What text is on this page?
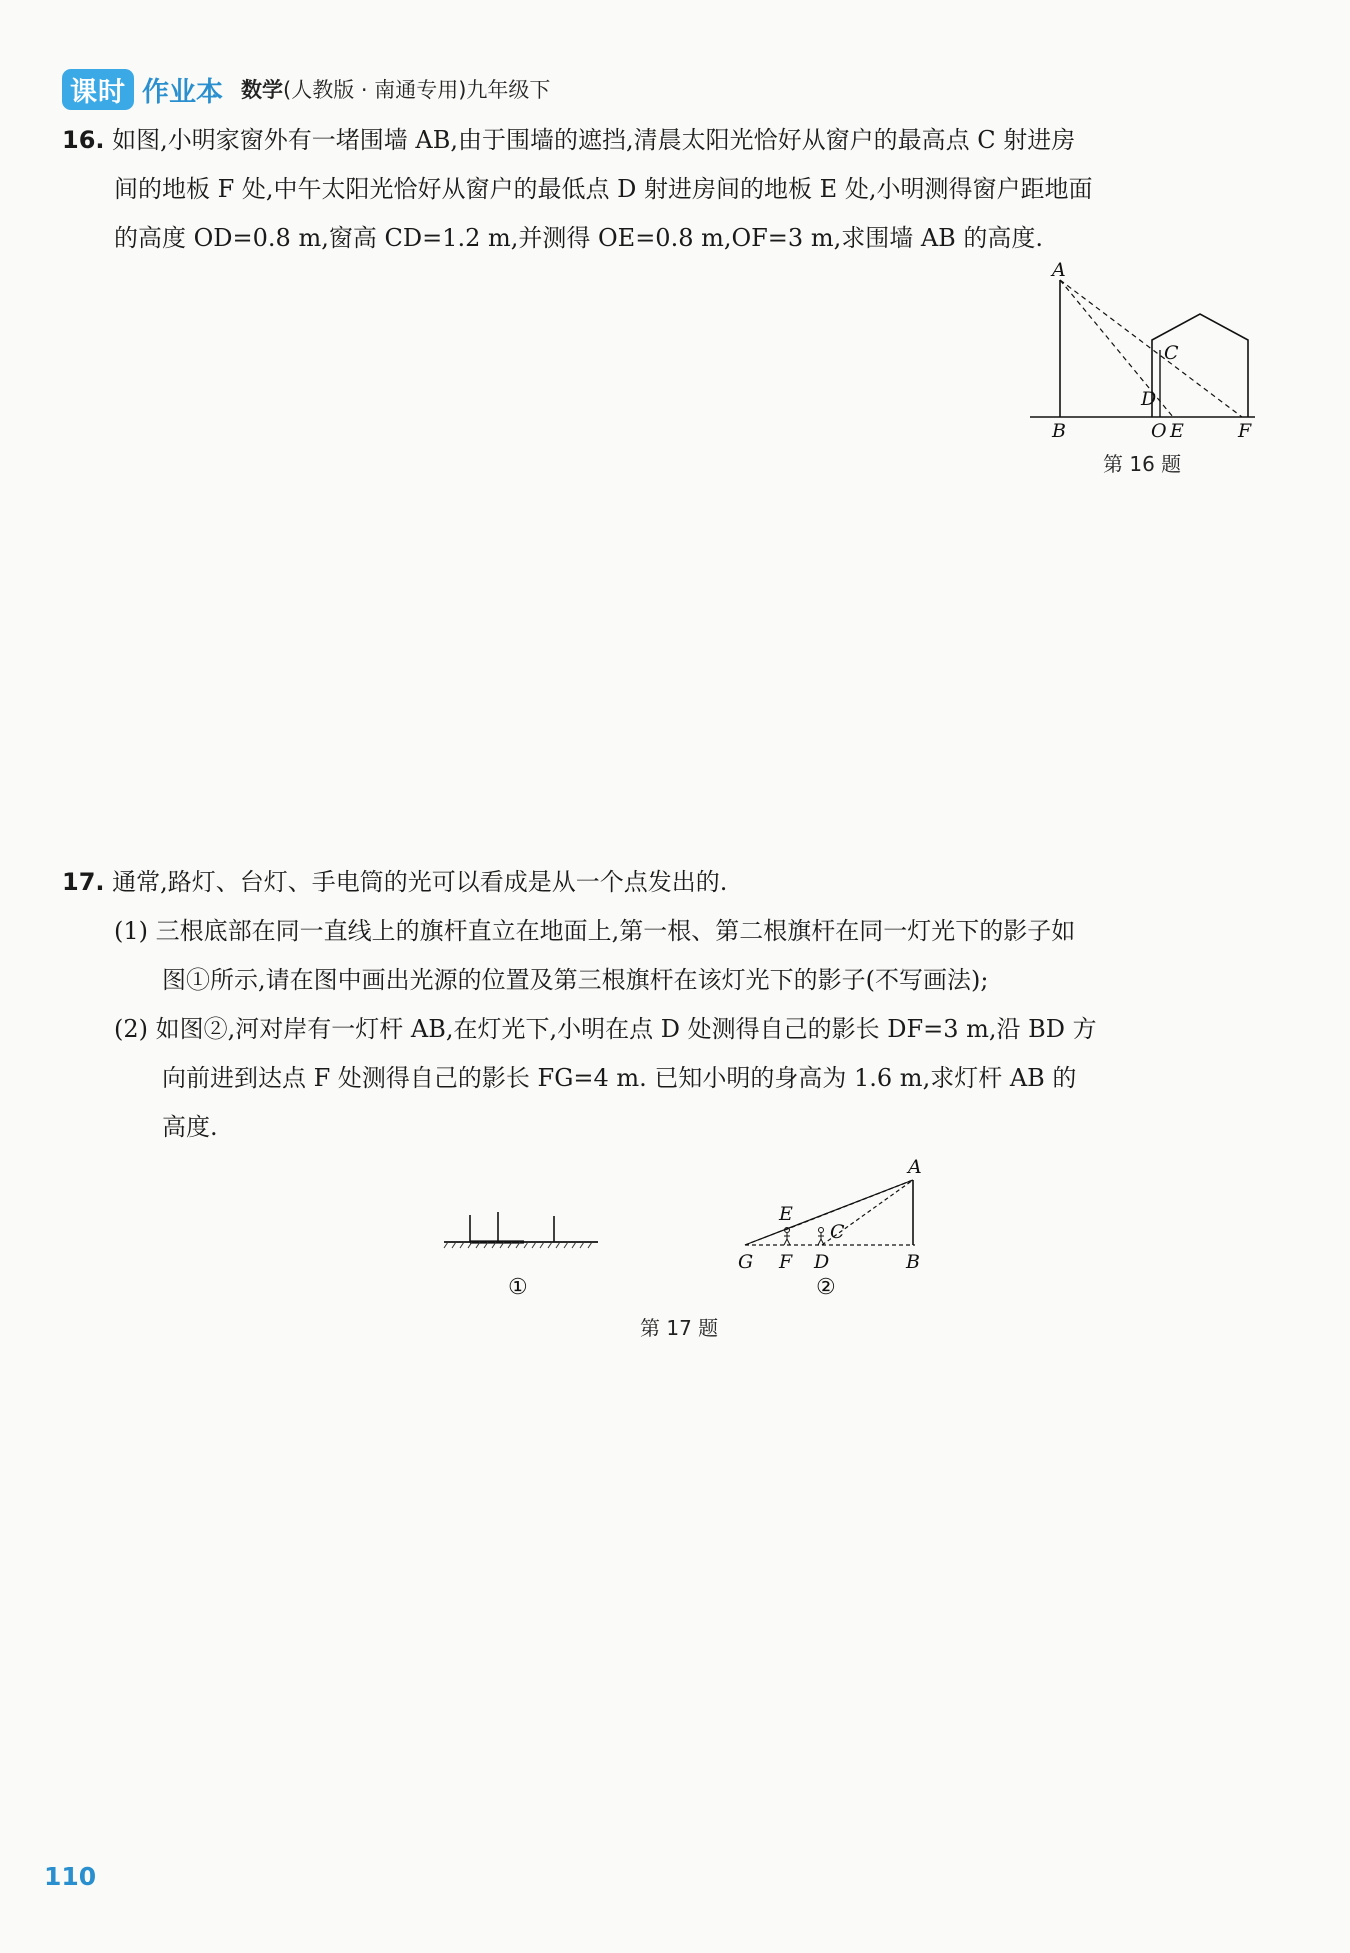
课时 作业本 数学(人教版 · 南通专用)九年级下
16. 如图,小明家窗外有一堵围墙 AB,由于围墙的遮挡,清晨太阳光恰好从窗户的最高点 C 射进房
间的地板 F 处,中午太阳光恰好从窗户的最低点 D 射进房间的地板 E 处,小明测得窗户距地面
的高度 OD=0.8 m,窗高 CD=1.2 m,并测得 OE=0.8 m,OF=3 m,求围墙 AB 的高度.
A
B
C
D
O E	F
第 16 题
17. 通常,路灯、台灯、手电筒的光可以看成是从一个点发出的.
(1) 三根底部在同一直线上的旗杆直立在地面上,第一根、第二根旗杆在同一灯光下的影子如
图①所示,请在图中画出光源的位置及第三根旗杆在该灯光下的影子(不写画法);
(2) 如图②,河对岸有一灯杆 AB,在灯光下,小明在点 D 处测得自己的影长 DF=3 m,沿 BD 方
向前进到达点 F 处测得自己的影长 FG=4 m. 已知小明的身高为 1.6 m,求灯杆 AB 的
高度.
①
A
B
C
D
E
F
G
②
第 17 题
110
